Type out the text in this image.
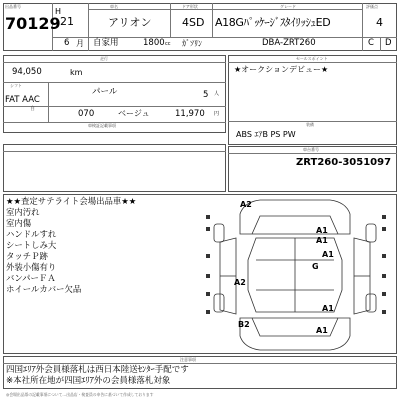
出品番号
70129
H
21
6 月
車名
アリオン
ドア形状
4SD
グレード
A18GﾊﾟｯｹｰｼﾞｽﾀｲﾘｯｼｭED
評価点
4
自家用	1800 cc ｶﾞｿﾘﾝ	DBA-ZRT260	C D
走行
94,050	km
シフト
FAT AAC
パール	5 人
自	070	ベージュ	11,970 円
車検証記載事項
セールスポイント
★オークションデビュー★
装備
ABS ｴｱB PS PW
車台番号
ZRT260-3051097
★★査定サテライト会場出品車★★
室内汚れ
室内傷
ハンドルすれ
シートしみ大
タッチＰ跡
外装小傷有り
バンパーＦＡ
ホイールカバー欠品
A2
A1
A1
A1
G
A2
B2
A1
A1
注意事項
四国ｴﾘｱ外会員様落札は西日本陸送ｾﾝﾀｰ手配です
※本社所在地が四国ｴﾘｱ外の会員様落札対象
◎会場出品票の記載事項について…出品店・検査員の申告に基づいて作成しております
